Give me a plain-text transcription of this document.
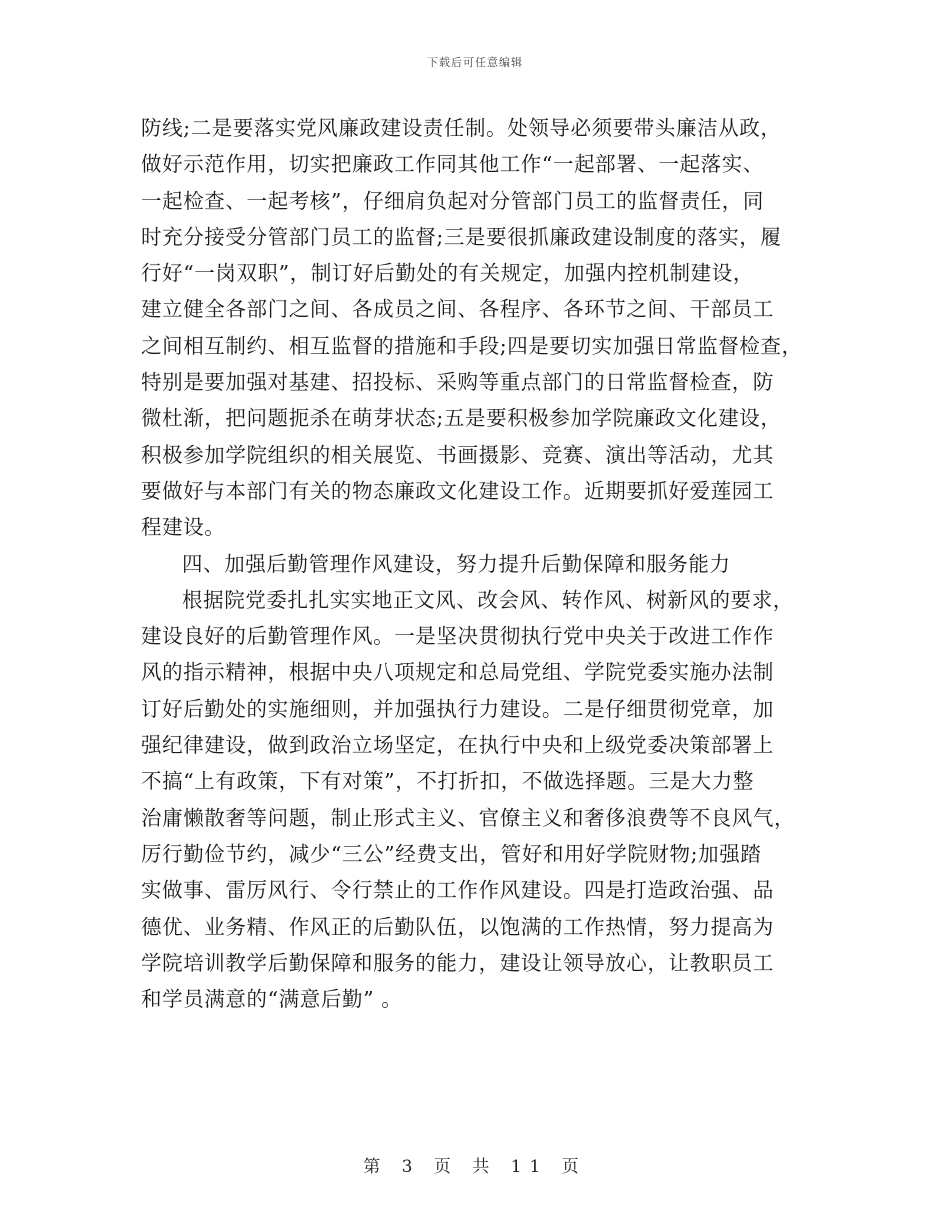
下载后可任意编辑
防线;二是要落实党风廉政建设责任制。处领导必须要带头廉洁从政，
做好示范作用，切实把廉政工作同其他工作“一起部署、一起落实、
一起检查、一起考核”，仔细肩负起对分管部门员工的监督责任，同
时充分接受分管部门员工的监督;三是要很抓廉政建设制度的落实，履
行好“一岗双职”，制订好后勤处的有关规定，加强内控机制建设，
建立健全各部门之间、各成员之间、各程序、各环节之间、干部员工
之间相互制约、相互监督的措施和手段;四是要切实加强日常监督检查，
特别是要加强对基建、招投标、采购等重点部门的日常监督检查，防
微杜渐，把问题扼杀在萌芽状态;五是要积极参加学院廉政文化建设，
积极参加学院组织的相关展览、书画摄影、竞赛、演出等活动，尤其
要做好与本部门有关的物态廉政文化建设工作。近期要抓好爱莲园工
程建设。
四、加强后勤管理作风建设，努力提升后勤保障和服务能力
根据院党委扎扎实实地正文风、改会风、转作风、树新风的要求，
建设良好的后勤管理作风。一是坚决贯彻执行党中央关于改进工作作
风的指示精神，根据中央八项规定和总局党组、学院党委实施办法制
订好后勤处的实施细则，并加强执行力建设。二是仔细贯彻党章，加
强纪律建设，做到政治立场坚定，在执行中央和上级党委决策部署上
不搞“上有政策，下有对策”，不打折扣，不做选择题。三是大力整
治庸懒散奢等问题，制止形式主义、官僚主义和奢侈浪费等不良风气，
厉行勤俭节约，减少“三公”经费支出，管好和用好学院财物;加强踏
实做事、雷厉风行、令行禁止的工作作风建设。四是打造政治强、品
德优、业务精、作风正的后勤队伍，以饱满的工作热情，努力提高为
学院培训教学后勤保障和服务的能力，建设让领导放心，让教职员工
和学员满意的“满意后勤” 。
第 3 页 共 11 页
